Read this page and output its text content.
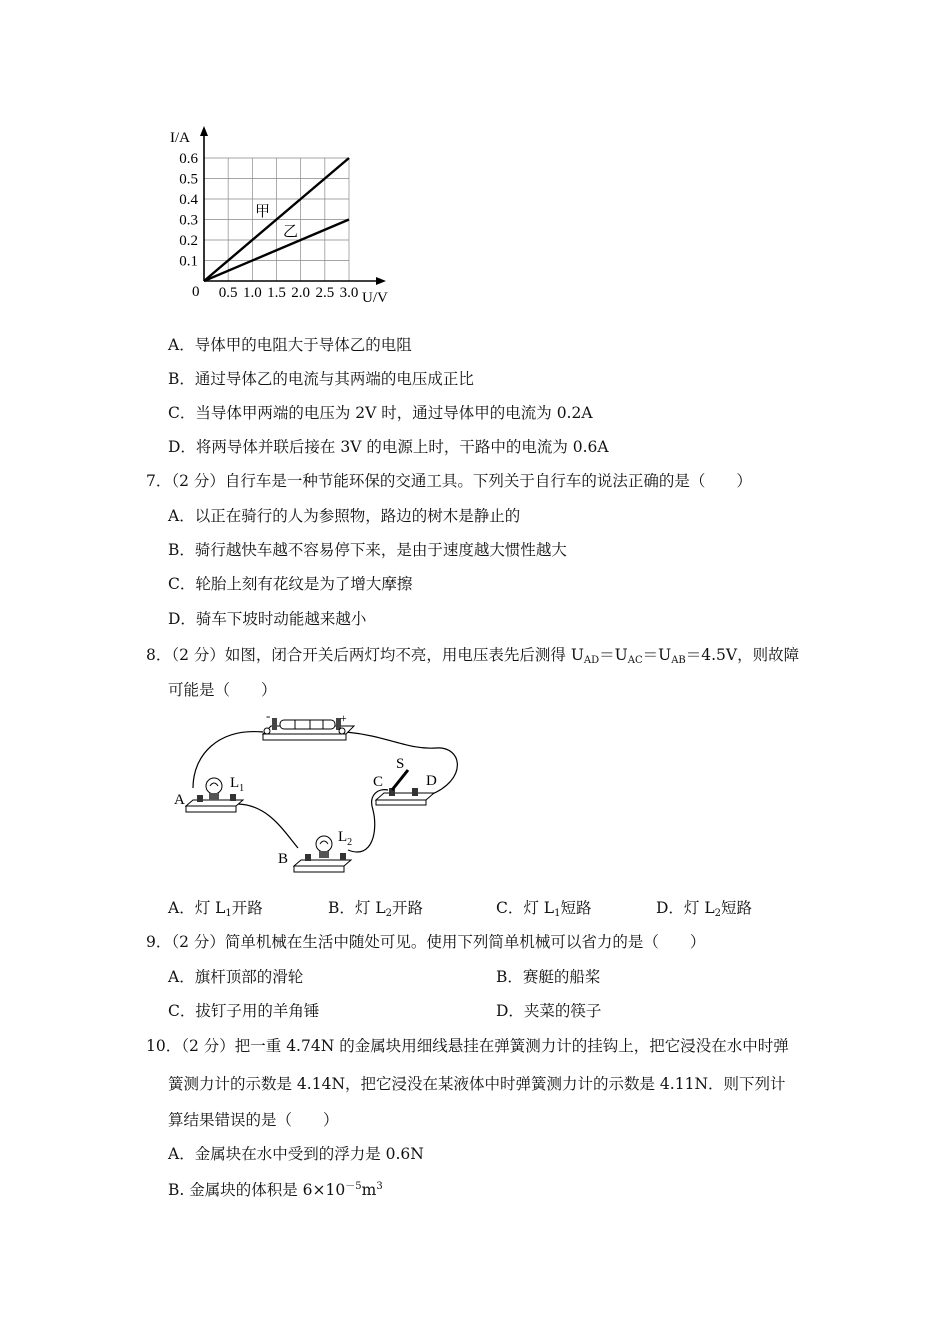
0.5 1.0 1.5 2.0 2.5 3.0
0.6
0.5
0.4
0.3
0.2
0.1
I/A
U/V
0
甲
乙
A．导体甲的电阻大于导体乙的电阻
B．通过导体乙的电流与其两端的电压成正比
C．当导体甲两端的电压为 2V 时，通过导体甲的电流为 0.2A
D．将两导体并联后接在 3V 的电源上时，干路中的电流为 0.6A
7．（2 分）自行车是一种节能环保的交通工具。下列关于自行车的说法正确的是（　　）
A．以正在骑行的人为参照物，路边的树木是静止的
B．骑行越快车越不容易停下来，是由于速度越大惯性越大
C．轮胎上刻有花纹是为了增大摩擦
D．骑车下坡时动能越来越小
8．（2 分）如图，闭合开关后两灯均不亮，用电压表先后测得 $U_{AD}=U_{AC}=U_{AB}=4.5V$，则故障
可能是（　　）
-	+
A
$L_1$
B
$L_2$
S
C	D
A．灯 $L_1$开路	B．灯 $L_2$开路	C．灯 $L_1$短路	D．灯 $L_2$短路
9．（2 分）简单机械在生活中随处可见。使用下列简单机械可以省力的是（　　）
A．旗杆顶部的滑轮	B．赛艇的船桨
C．拔钉子用的羊角锤	D．夹菜的筷子
10．（2 分）把一重 4.74N 的金属块用细线悬挂在弹簧测力计的挂钩上，把它浸没在水中时弹
簧测力计的示数是 4.14N，把它浸没在某液体中时弹簧测力计的示数是 4.11N．则下列计
算结果错误的是（　　）
A．金属块在水中受到的浮力是 0.6N
B. 金属块的体积是 $6\times 10^{-5}m^3$
